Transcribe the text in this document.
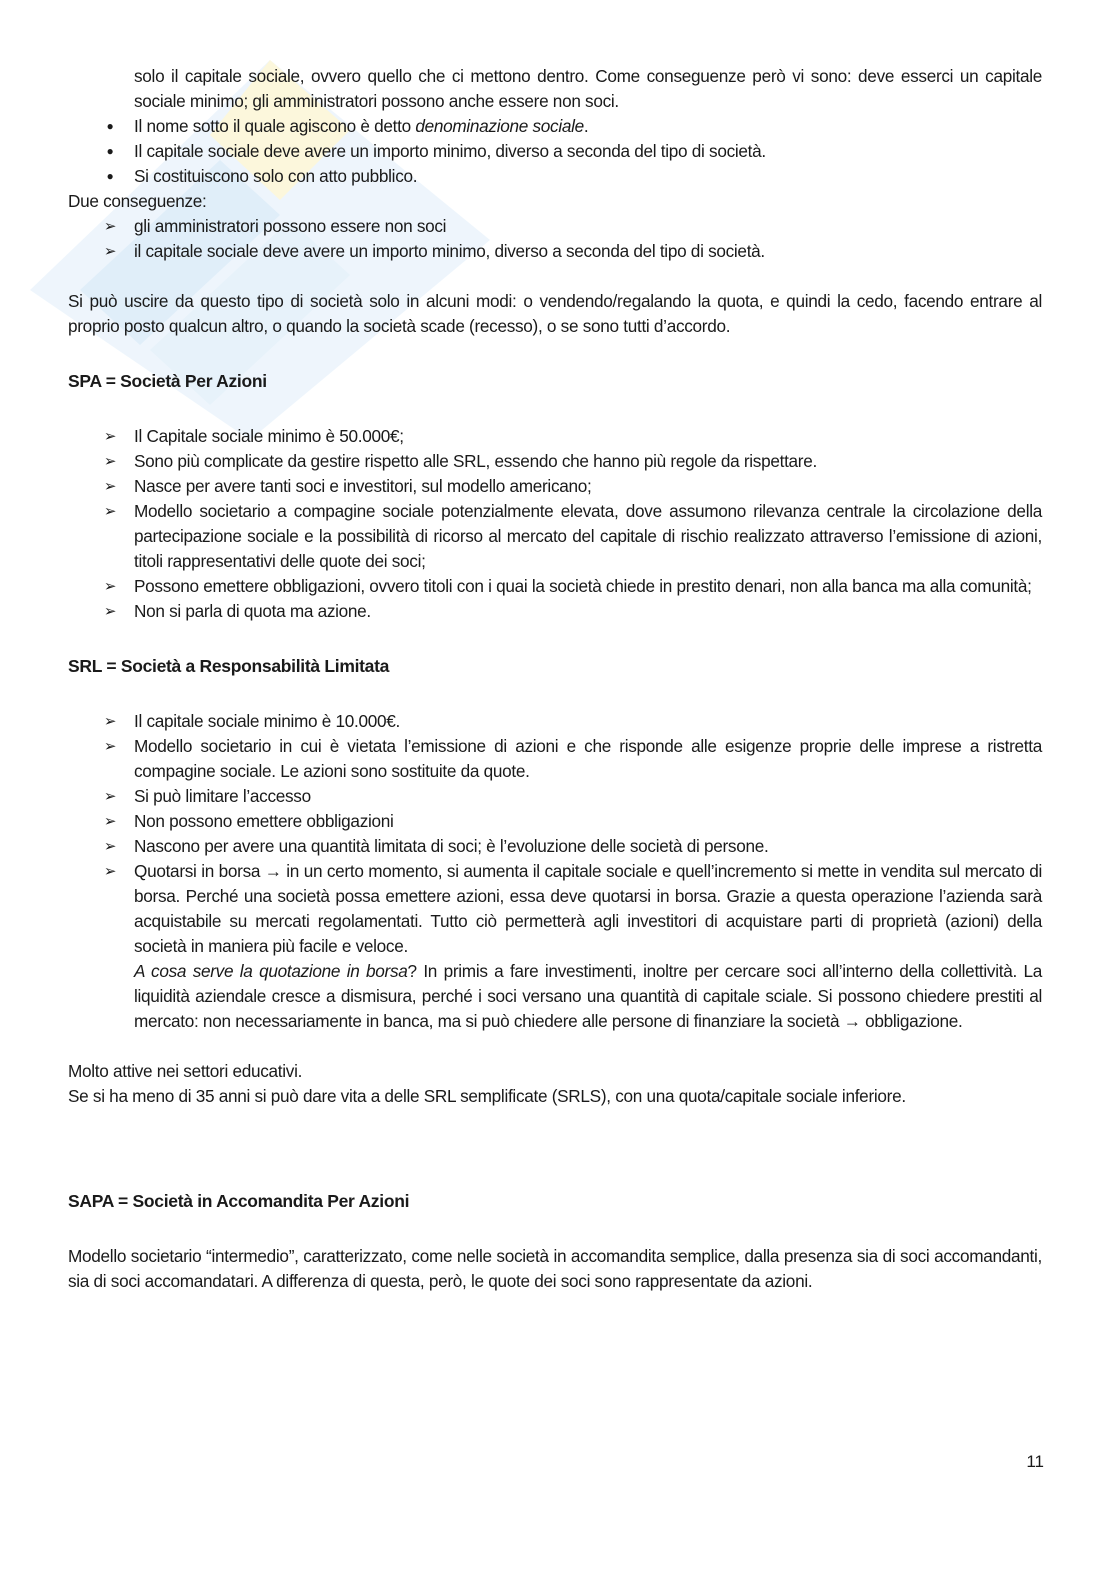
solo il capitale sociale, ovvero quello che ci mettono dentro. Come conseguenze però vi sono: deve esserci un capitale sociale minimo; gli amministratori possono anche essere non soci.

●	Il nome sotto il quale agiscono è detto denominazione sociale.
●	Il capitale sociale deve avere un importo minimo, diverso a seconda del tipo di società.
●	Si costituiscono solo con atto pubblico.

Due conseguenze:

➢ gli amministratori possono essere non soci
➢ il capitale sociale deve avere un importo minimo, diverso a seconda del tipo di società.

Si può uscire da questo tipo di società solo in alcuni modi: o vendendo/regalando la quota, e quindi la cedo, facendo entrare al proprio posto qualcun altro, o quando la società scade (recesso), o se sono tutti d’accordo.

SPA = Società Per Azioni
➢ Il Capitale sociale minimo è 50.000€;
➢ Sono più complicate da gestire rispetto alle SRL, essendo che hanno più regole da rispettare.
➢ Nasce per avere tanti soci e investitori, sul modello americano;
➢ Modello societario a compagine sociale potenzialmente elevata, dove assumono rilevanza centrale la circolazione della partecipazione sociale e la possibilità di ricorso al mercato del capitale di rischio realizzato attraverso l’emissione di azioni, titoli rappresentativi delle quote dei soci;
➢ Possono emettere obbligazioni, ovvero titoli con i quai la società chiede in prestito denari, non alla banca ma alla comunità;
➢ Non si parla di quota ma azione.
SRL = Società a Responsabilità Limitata
➢ Il capitale sociale minimo è 10.000€.
➢ Modello societario in cui è vietata l’emissione di azioni e che risponde alle esigenze proprie delle imprese a ristretta compagine sociale. Le azioni sono sostituite da quote.
➢ Si può limitare l’accesso
➢ Non possono emettere obbligazioni
➢ Nascono per avere una quantità limitata di soci; è l’evoluzione delle società di persone.
➢ Quotarsi in borsa → in un certo momento, si aumenta il capitale sociale e quell’incremento si mette in vendita sul mercato di borsa. Perché una società possa emettere azioni, essa deve quotarsi in borsa. Grazie a questa operazione l’azienda sarà acquistabile su mercati regolamentati. Tutto ciò permetterà agli investitori di acquistare parti di proprietà (azioni) della società in maniera più facile e veloce.
A cosa serve la quotazione in borsa? In primis a fare investimenti, inoltre per cercare soci all’interno della collettività. La liquidità aziendale cresce a dismisura, perché i soci versano una quantità di capitale sciale. Si possono chiedere prestiti al mercato: non necessariamente in banca, ma si può chiedere alle persone di finanziare la società → obbligazione.

Molto attive nei settori educativi.

Se si ha meno di 35 anni si può dare vita a delle SRL semplificate (SRLS), con una quota/capitale sociale inferiore.

SAPA = Società in Accomandita Per Azioni

Modello societario “intermedio”, caratterizzato, come nelle società in accomandita semplice, dalla presenza sia di soci accomandanti, sia di soci accomandatari. A differenza di questa, però, le quote dei soci sono rappresentate da azioni.

11
